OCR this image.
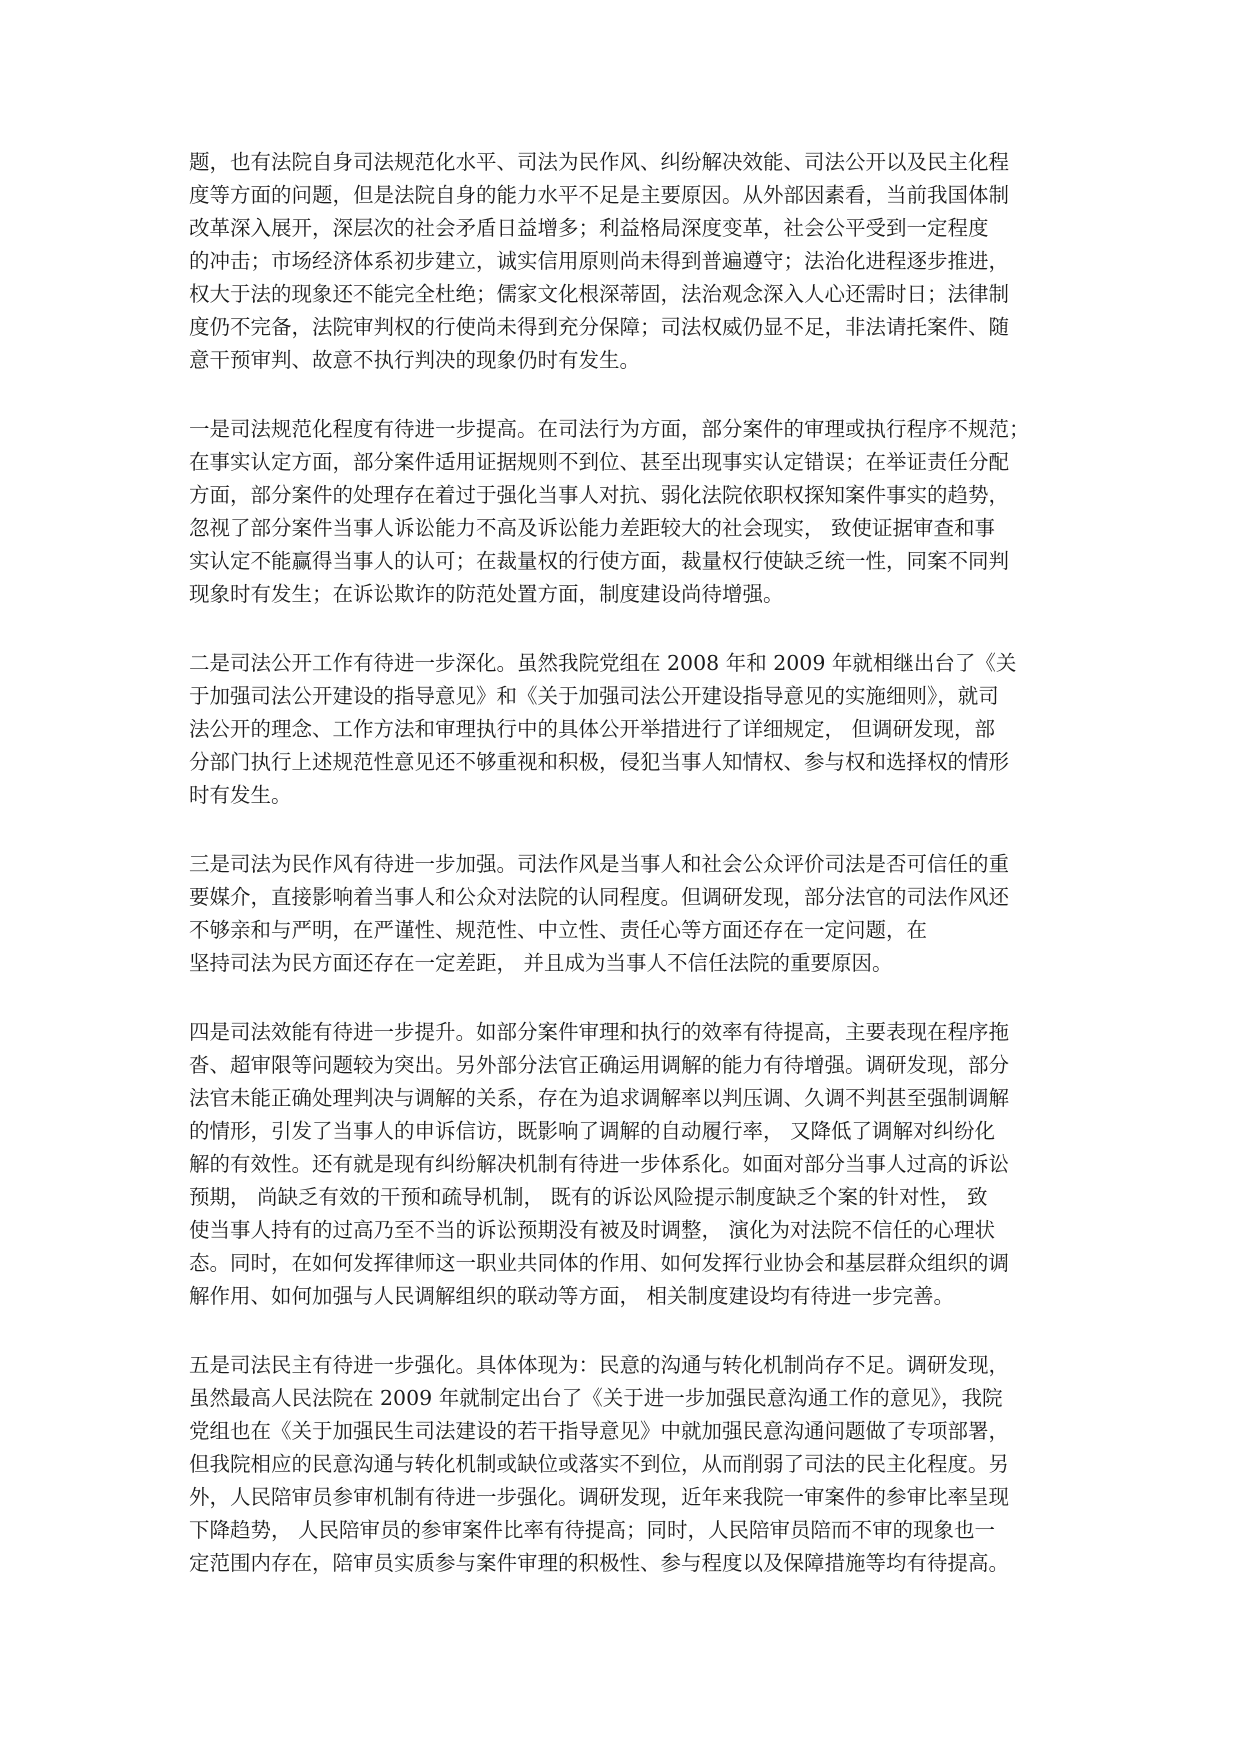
题，也有法院自身司法规范化水平、司法为民作风、纠纷解决效能、司法公开以及民主化程
度等方面的问题，但是法院自身的能力水平不足是主要原因。从外部因素看，当前我国体制
改革深入展开，深层次的社会矛盾日益增多；利益格局深度变革，社会公平受到一定程度
的冲击；市场经济体系初步建立，诚实信用原则尚未得到普遍遵守；法治化进程逐步推进，
权大于法的现象还不能完全杜绝；儒家文化根深蒂固，法治观念深入人心还需时日；法律制
度仍不完备，法院审判权的行使尚未得到充分保障；司法权威仍显不足，非法请托案件、随
意干预审判、故意不执行判决的现象仍时有发生。
一是司法规范化程度有待进一步提高。在司法行为方面，部分案件的审理或执行程序不规范；
在事实认定方面，部分案件适用证据规则不到位、甚至出现事实认定错误；在举证责任分配
方面，部分案件的处理存在着过于强化当事人对抗、弱化法院依职权探知案件事实的趋势，
忽视了部分案件当事人诉讼能力不高及诉讼能力差距较大的社会现实， 致使证据审查和事
实认定不能赢得当事人的认可；在裁量权的行使方面，裁量权行使缺乏统一性，同案不同判
现象时有发生；在诉讼欺诈的防范处置方面，制度建设尚待增强。
二是司法公开工作有待进一步深化。虽然我院党组在 2008 年和 2009 年就相继出台了《关
于加强司法公开建设的指导意见》和《关于加强司法公开建设指导意见的实施细则》，就司
法公开的理念、工作方法和审理执行中的具体公开举措进行了详细规定， 但调研发现，部
分部门执行上述规范性意见还不够重视和积极，侵犯当事人知情权、参与权和选择权的情形
时有发生。
三是司法为民作风有待进一步加强。司法作风是当事人和社会公众评价司法是否可信任的重
要媒介，直接影响着当事人和公众对法院的认同程度。但调研发现，部分法官的司法作风还
不够亲和与严明，在严谨性、规范性、中立性、责任心等方面还存在一定问题，在
坚持司法为民方面还存在一定差距， 并且成为当事人不信任法院的重要原因。
四是司法效能有待进一步提升。如部分案件审理和执行的效率有待提高，主要表现在程序拖
沓、超审限等问题较为突出。另外部分法官正确运用调解的能力有待增强。调研发现，部分
法官未能正确处理判决与调解的关系，存在为追求调解率以判压调、久调不判甚至强制调解
的情形，引发了当事人的申诉信访，既影响了调解的自动履行率， 又降低了调解对纠纷化
解的有效性。还有就是现有纠纷解决机制有待进一步体系化。如面对部分当事人过高的诉讼
预期， 尚缺乏有效的干预和疏导机制， 既有的诉讼风险提示制度缺乏个案的针对性， 致
使当事人持有的过高乃至不当的诉讼预期没有被及时调整， 演化为对法院不信任的心理状
态。同时，在如何发挥律师这一职业共同体的作用、如何发挥行业协会和基层群众组织的调
解作用、如何加强与人民调解组织的联动等方面， 相关制度建设均有待进一步完善。
五是司法民主有待进一步强化。具体体现为：民意的沟通与转化机制尚存不足。调研发现，
虽然最高人民法院在 2009 年就制定出台了《关于进一步加强民意沟通工作的意见》，我院
党组也在《关于加强民生司法建设的若干指导意见》中就加强民意沟通问题做了专项部署，
但我院相应的民意沟通与转化机制或缺位或落实不到位，从而削弱了司法的民主化程度。另
外，人民陪审员参审机制有待进一步强化。调研发现，近年来我院一审案件的参审比率呈现
下降趋势， 人民陪审员的参审案件比率有待提高；同时，人民陪审员陪而不审的现象也一
定范围内存在，陪审员实质参与案件审理的积极性、参与程度以及保障措施等均有待提高。
